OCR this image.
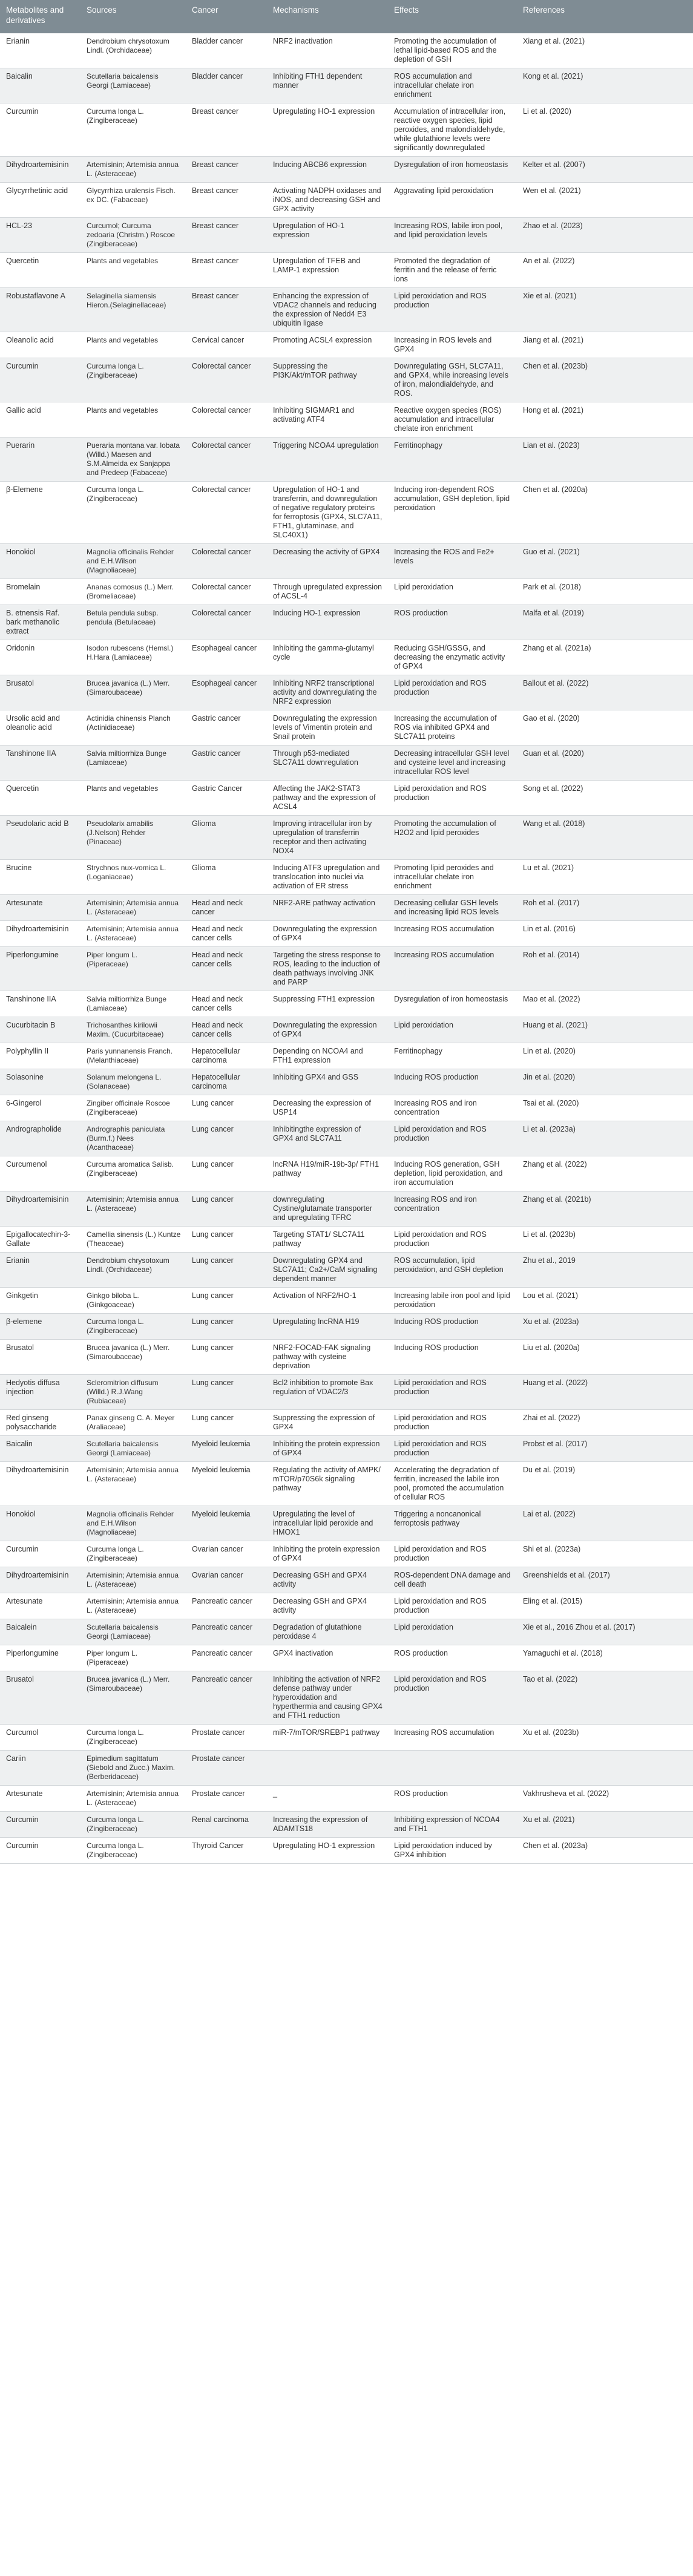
Metabolites and derivatives	Sources	Cancer	Mechanisms	Effects	References
Erianin	Dendrobium chrysotoxum Lindl. (Orchidaceae)	Bladder cancer	NRF2 inactivation	Promoting the accumulation of lethal lipid-based ROS and the depletion of GSH	Xiang et al. (2021)
Baicalin	Scutellaria baicalensis Georgi (Lamiaceae)	Bladder cancer	Inhibiting FTH1 dependent manner	ROS accumulation and intracellular chelate iron enrichment	Kong et al. (2021)
Curcumin	Curcuma longa L. (Zingiberaceae)	Breast cancer	Upregulating HO-1 expression	Accumulation of intracellular iron, reactive oxygen species, lipid peroxides, and malondialdehyde, while glutathione levels were significantly downregulated	Li et al. (2020)
Dihydroartemisinin	Artemisinin; Artemisia annua L. (Asteraceae)	Breast cancer	Inducing ABCB6 expression	Dysregulation of iron homeostasis	Kelter et al. (2007)
Glycyrrhetinic acid	Glycyrrhiza uralensis Fisch. ex DC. (Fabaceae)	Breast cancer	Activating NADPH oxidases and iNOS, and decreasing GSH and GPX activity	Aggravating lipid peroxidation	Wen et al. (2021)
HCL-23	Curcumol; Curcuma zedoaria (Christm.) Roscoe (Zingiberaceae)	Breast cancer	Upregulation of HO-1 expression	Increasing ROS, labile iron pool, and lipid peroxidation levels	Zhao et al. (2023)
Quercetin	Plants and vegetables	Breast cancer	Upregulation of TFEB and LAMP-1 expression	Promoted the degradation of ferritin and the release of ferric ions	An et al. (2022)
Robustaflavone A	Selaginella siamensis Hieron.(Selaginellaceae)	Breast cancer	Enhancing the expression of VDAC2 channels and reducing the expression of Nedd4 E3 ubiquitin ligase	Lipid peroxidation and ROS production	Xie et al. (2021)
Oleanolic acid	Plants and vegetables	Cervical cancer	Promoting ACSL4 expression	Increasing in ROS levels and GPX4	Jiang et al. (2021)
Curcumin	Curcuma longa L. (Zingiberaceae)	Colorectal cancer	Suppressing the PI3K/Akt/mTOR pathway	Downregulating GSH, SLC7A11, and GPX4, while increasing levels of iron, malondialdehyde, and ROS.	Chen et al. (2023b)
Gallic acid	Plants and vegetables	Colorectal cancer	Inhibiting SIGMAR1 and activating ATF4	Reactive oxygen species (ROS) accumulation and intracellular chelate iron enrichment	Hong et al. (2021)
Puerarin	Pueraria montana var. lobata (Willd.) Maesen and S.M.Almeida ex Sanjappa and Predeep (Fabaceae)	Colorectal cancer	Triggering NCOA4 upregulation	Ferritinophagy	Lian et al. (2023)
β-Elemene	Curcuma longa L. (Zingiberaceae)	Colorectal cancer	Upregulation of HO-1 and transferrin, and downregulation of negative regulatory proteins for ferroptosis (GPX4, SLC7A11, FTH1, glutaminase, and SLC40X1)	Inducing iron-dependent ROS accumulation, GSH depletion, lipid peroxidation	Chen et al. (2020a)
Honokiol	Magnolia officinalis Rehder and E.H.Wilson (Magnoliaceae)	Colorectal cancer	Decreasing the activity of GPX4	Increasing the ROS and Fe2+ levels	Guo et al. (2021)
Bromelain	Ananas comosus (L.) Merr. (Bromeliaceae)	Colorectal cancer	Through upregulated expression of ACSL-4	Lipid peroxidation	Park et al. (2018)
B. etnensis Raf. bark methanolic extract	Betula pendula subsp. pendula (Betulaceae)	Colorectal cancer	Inducing HO-1 expression	ROS production	Malfa et al. (2019)
Oridonin	Isodon rubescens (Hemsl.) H.Hara (Lamiaceae)	Esophageal cancer	Inhibiting the gamma-glutamyl cycle	Reducing GSH/GSSG, and decreasing the enzymatic activity of GPX4	Zhang et al. (2021a)
Brusatol	Brucea javanica (L.) Merr. (Simaroubaceae)	Esophageal cancer	Inhibiting NRF2 transcriptional activity and downregulating the NRF2 expression	Lipid peroxidation and ROS production	Ballout et al. (2022)
Ursolic acid and oleanolic acid	Actinidia chinensis Planch (Actinidiaceae)	Gastric cancer	Downregulating the expression levels of Vimentin protein and Snail protein	Increasing the accumulation of ROS via inhibited GPX4 and SLC7A11 proteins	Gao et al. (2020)
Tanshinone IIA	Salvia miltiorrhiza Bunge (Lamiaceae)	Gastric cancer	Through p53-mediated SLC7A11 downregulation	Decreasing intracellular GSH level and cysteine level and increasing intracellular ROS level	Guan et al. (2020)
Quercetin	Plants and vegetables	Gastric Cancer	Affecting the JAK2-STAT3 pathway and the expression of ACSL4	Lipid peroxidation and ROS production	Song et al. (2022)
Pseudolaric acid B	Pseudolarix amabilis (J.Nelson) Rehder (Pinaceae)	Glioma	Improving intracellular iron by upregulation of transferrin receptor and then activating NOX4	Promoting the accumulation of H2O2 and lipid peroxides	Wang et al. (2018)
Brucine	Strychnos nux-vomica L. (Loganiaceae)	Glioma	Inducing ATF3 upregulation and translocation into nuclei via activation of ER stress	Promoting lipid peroxides and intracellular chelate iron enrichment	Lu et al. (2021)
Artesunate	Artemisinin; Artemisia annua L. (Asteraceae)	Head and neck cancer	NRF2-ARE pathway activation	Decreasing cellular GSH levels and increasing lipid ROS levels	Roh et al. (2017)
Dihydroartemisinin	Artemisinin; Artemisia annua L. (Asteraceae)	Head and neck cancer cells	Downregulating the expression of GPX4	Increasing ROS accumulation	Lin et al. (2016)
Piperlongumine	Piper longum L. (Piperaceae)	Head and neck cancer cells	Targeting the stress response to ROS, leading to the induction of death pathways involving JNK and PARP	Increasing ROS accumulation	Roh et al. (2014)
Tanshinone IIA	Salvia miltiorrhiza Bunge (Lamiaceae)	Head and neck cancer cells	Suppressing FTH1 expression	Dysregulation of iron homeostasis	Mao et al. (2022)
Cucurbitacin B	Trichosanthes kirilowii Maxim. (Cucurbitaceae)	Head and neck cancer cells	Downregulating the expression of GPX4	Lipid peroxidation	Huang et al. (2021)
Polyphyllin II	Paris yunnanensis Franch. (Melanthiaceae)	Hepatocellular carcinoma	Depending on NCOA4 and FTH1 expression	Ferritinophagy	Lin et al. (2020)
Solasonine	Solanum melongena L. (Solanaceae)	Hepatocellular carcinoma	Inhibiting GPX4 and GSS	Inducing ROS production	Jin et al. (2020)
6-Gingerol	Zingiber officinale Roscoe (Zingiberaceae)	Lung cancer	Decreasing the expression of USP14	Increasing ROS and iron concentration	Tsai et al. (2020)
Andrographolide	Andrographis paniculata (Burm.f.) Nees (Acanthaceae)	Lung cancer	Inhibitingthe expression of GPX4 and SLC7A11	Lipid peroxidation and ROS production	Li et al. (2023a)
Curcumenol	Curcuma aromatica Salisb. (Zingiberaceae)	Lung cancer	lncRNA H19/miR-19b-3p/ FTH1 pathway	Inducing ROS generation, GSH depletion, lipid peroxidation, and iron accumulation	Zhang et al. (2022)
Dihydroartemisinin	Artemisinin; Artemisia annua L. (Asteraceae)	Lung cancer	downregulating Cystine/glutamate transporter and upregulating TFRC	Increasing ROS and iron concentration	Zhang et al. (2021b)
Epigallocatechin-3-Gallate	Camellia sinensis (L.) Kuntze (Theaceae)	Lung cancer	Targeting STAT1/ SLC7A11 pathway	Lipid peroxidation and ROS production	Li et al. (2023b)
Erianin	Dendrobium chrysotoxum Lindl. (Orchidaceae)	Lung cancer	Downregulating GPX4 and SLC7A11; Ca2+/CaM signaling dependent manner	ROS accumulation, lipid peroxidation, and GSH depletion	Zhu et al., 2019
Ginkgetin	Ginkgo biloba L. (Ginkgoaceae)	Lung cancer	Activation of NRF2/HO-1	Increasing labile iron pool and lipid peroxidation	Lou et al. (2021)
β-elemene	Curcuma longa L. (Zingiberaceae)	Lung cancer	Upregulating lncRNA H19	Inducing ROS production	Xu et al. (2023a)
Brusatol	Brucea javanica (L.) Merr. (Simaroubaceae)	Lung cancer	NRF2-FOCAD-FAK signaling pathway with cysteine deprivation	Inducing ROS production	Liu et al. (2020a)
Hedyotis diffusa injection	Scleromitrion diffusum (Willd.) R.J.Wang (Rubiaceae)	Lung cancer	Bcl2 inhibition to promote Bax regulation of VDAC2/3	Lipid peroxidation and ROS production	Huang et al. (2022)
Red ginseng polysaccharide	Panax ginseng C. A. Meyer (Araliaceae)	Lung cancer	Suppressing the expression of GPX4	Lipid peroxidation and ROS production	Zhai et al. (2022)
Baicalin	Scutellaria baicalensis Georgi (Lamiaceae)	Myeloid leukemia	Inhibiting the protein expression of GPX4	Lipid peroxidation and ROS production	Probst et al. (2017)
Dihydroartemisinin	Artemisinin; Artemisia annua L. (Asteraceae)	Myeloid leukemia	Regulating the activity of AMPK/ mTOR/p70S6k signaling pathway	Accelerating the degradation of ferritin, increased the labile iron pool, promoted the accumulation of cellular ROS	Du et al. (2019)
Honokiol	Magnolia officinalis Rehder and E.H.Wilson (Magnoliaceae)	Myeloid leukemia	Upregulating the level of intracellular lipid peroxide and HMOX1	Triggering a noncanonical ferroptosis pathway	Lai et al. (2022)
Curcumin	Curcuma longa L. (Zingiberaceae)	Ovarian cancer	Inhibiting the protein expression of GPX4	Lipid peroxidation and ROS production	Shi et al. (2023a)
Dihydroartemisinin	Artemisinin; Artemisia annua L. (Asteraceae)	Ovarian cancer	Decreasing GSH and GPX4 activity	ROS-dependent DNA damage and cell death	Greenshields et al. (2017)
Artesunate	Artemisinin; Artemisia annua L. (Asteraceae)	Pancreatic cancer	Decreasing GSH and GPX4 activity	Lipid peroxidation and ROS production	Eling et al. (2015)
Baicalein	Scutellaria baicalensis Georgi (Lamiaceae)	Pancreatic cancer	Degradation of glutathione peroxidase 4	Lipid peroxidation	Xie et al., 2016 Zhou et al. (2017)
Piperlongumine	Piper longum L. (Piperaceae)	Pancreatic cancer	GPX4 inactivation	ROS production	Yamaguchi et al. (2018)
Brusatol	Brucea javanica (L.) Merr. (Simaroubaceae)	Pancreatic cancer	Inhibiting the activation of NRF2 defense pathway under hyperoxidation and hyperthermia and causing GPX4 and FTH1 reduction	Lipid peroxidation and ROS production	Tao et al. (2022)
Curcumol	Curcuma longa L. (Zingiberaceae)	Prostate cancer	miR-7/mTOR/SREBP1 pathway	Increasing ROS accumulation	Xu et al. (2023b)
Cariin	Epimedium sagittatum (Siebold and Zucc.) Maxim. (Berberidaceae)	Prostate cancer			
Artesunate	Artemisinin; Artemisia annua L. (Asteraceae)	Prostate cancer	_	ROS production	Vakhrusheva et al. (2022)
Curcumin	Curcuma longa L. (Zingiberaceae)	Renal carcinoma	Increasing the expression of ADAMTS18	Inhibiting expression of NCOA4 and FTH1	Xu et al. (2021)
Curcumin	Curcuma longa L. (Zingiberaceae)	Thyroid Cancer	Upregulating HO-1 expression	Lipid peroxidation induced by GPX4 inhibition	Chen et al. (2023a)
